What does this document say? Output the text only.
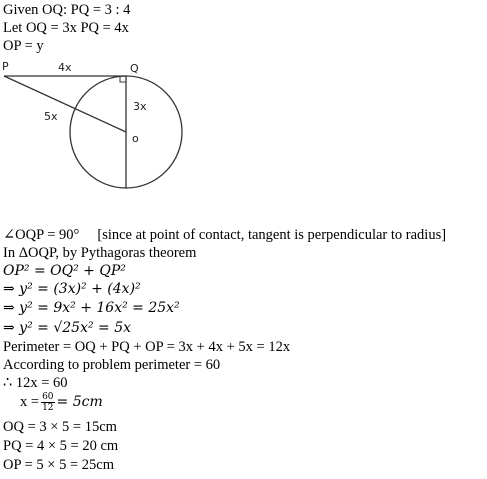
Given OQ: PQ = 3 : 4
Let OQ = 3x PQ = 4x
OP = y
P	Q
o
4x
3x
5x
∠OQP = 90° [since at point of contact, tangent is perpendicular to radius]
In ΔOQP, by Pythagoras theorem
OP² = OQ² + QP²
⇒ y² = (3x)² + (4x)²
⇒ y² = 9x² + 16x² = 25x²
⇒ y² = √25x² = 5x
Perimeter = OQ + PQ + OP = 3x + 4x + 5x = 12x
According to problem perimeter = 60
∴ 12x = 60
$x = \frac{60}{12} = 5cm$
OQ = 3 × 5 = 15cm
PQ = 4 × 5 = 20 cm
OP = 5 × 5 = 25cm
